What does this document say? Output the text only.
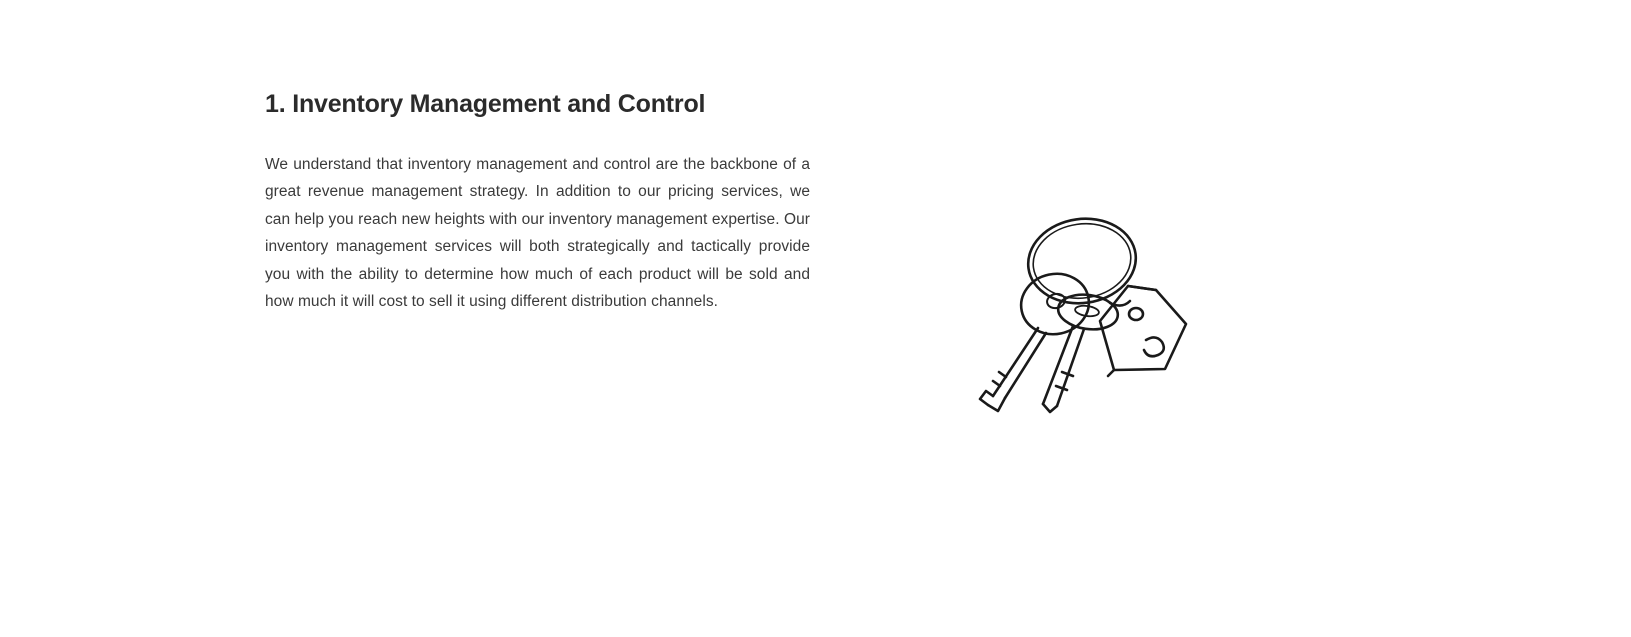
1. Inventory Management and Control

We understand that inventory management and control are the backbone of a great revenue management strategy. In addition to our pricing services, we can help you reach new heights with our inventory management expertise. Our inventory management services will both strategically and tactically provide you with the ability to determine how much of each product will be sold and how much it will cost to sell it using different distribution channels.
